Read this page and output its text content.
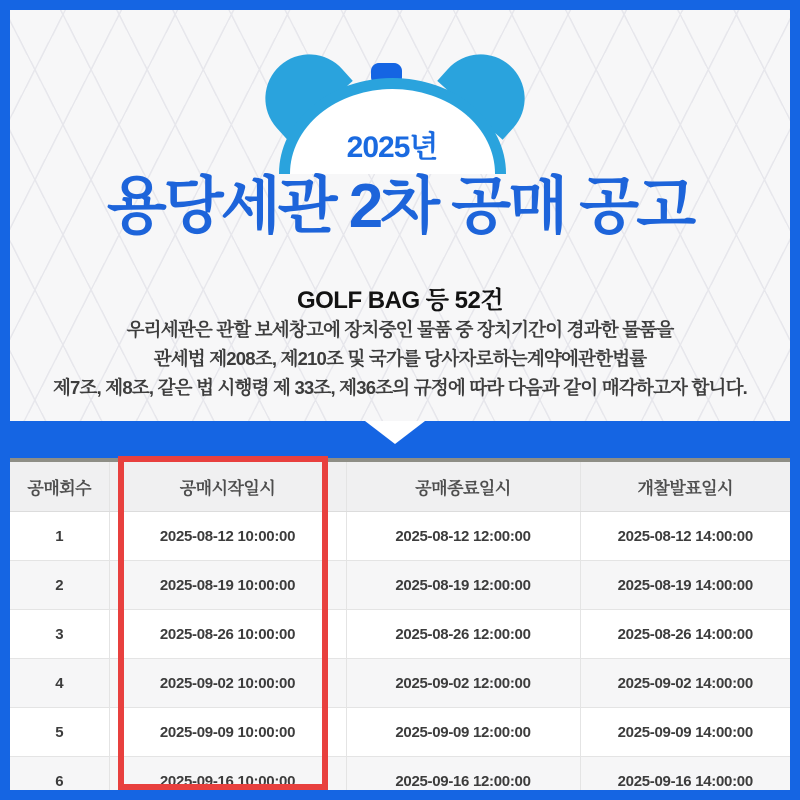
2025년
용당세관 2차 공매 공고
GOLF BAG 등 52건
우리세관은 관할 보세창고에 장치중인 물품 중 장치기간이 경과한 물품을
관세법 제208조, 제210조 및 국가를 당사자로하는계약에관한법률
제7조, 제8조, 같은 법 시행령 제 33조, 제36조의 규정에 따라 다음과 같이 매각하고자 합니다.
공매회수	공매시작일시	공매종료일시	개찰발표일시
1	2025-08-12 10:00:00	2025-08-12 12:00:00	2025-08-12 14:00:00
2	2025-08-19 10:00:00	2025-08-19 12:00:00	2025-08-19 14:00:00
3	2025-08-26 10:00:00	2025-08-26 12:00:00	2025-08-26 14:00:00
4	2025-09-02 10:00:00	2025-09-02 12:00:00	2025-09-02 14:00:00
5	2025-09-09 10:00:00	2025-09-09 12:00:00	2025-09-09 14:00:00
6	2025-09-16 10:00:00	2025-09-16 12:00:00	2025-09-16 14:00:00
